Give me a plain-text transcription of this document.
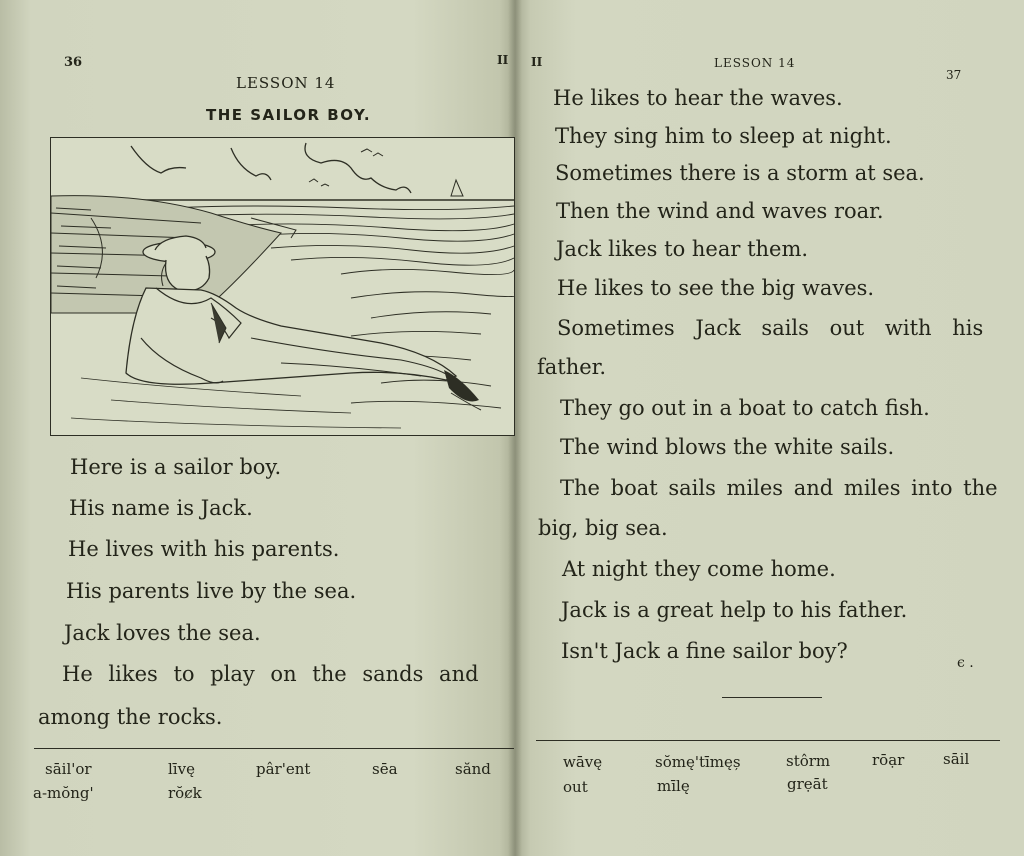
36	II
LESSON 14
THE SAILOR BOY.
Here is a sailor boy.
His name is Jack.
He lives with his parents.
His parents live by the sea.
Jack loves the sea.
He likes to play on the sands and
among the rocks.
sāil'or	līvę	pâr'ent	sēa	sănd
a-mŏng'	rŏȼk
II	LESSON 14
37
He likes to hear the waves.
They sing him to sleep at night.
Sometimes there is a storm at sea.
Then the wind and waves roar.
Jack likes to hear them.
He likes to see the big waves.
Sometimes Jack sails out with his
father.
They go out in a boat to catch fish.
The wind blows the white sails.
The boat sails miles and miles into the
big, big sea.
At night they come home.
Jack is a great help to his father.
Isn't Jack a fine sailor boy?	ϵ .
wāvę	sŏmę'tīmęș	stôrm	rōạr	sāil
out	mīlę	grẹāt
